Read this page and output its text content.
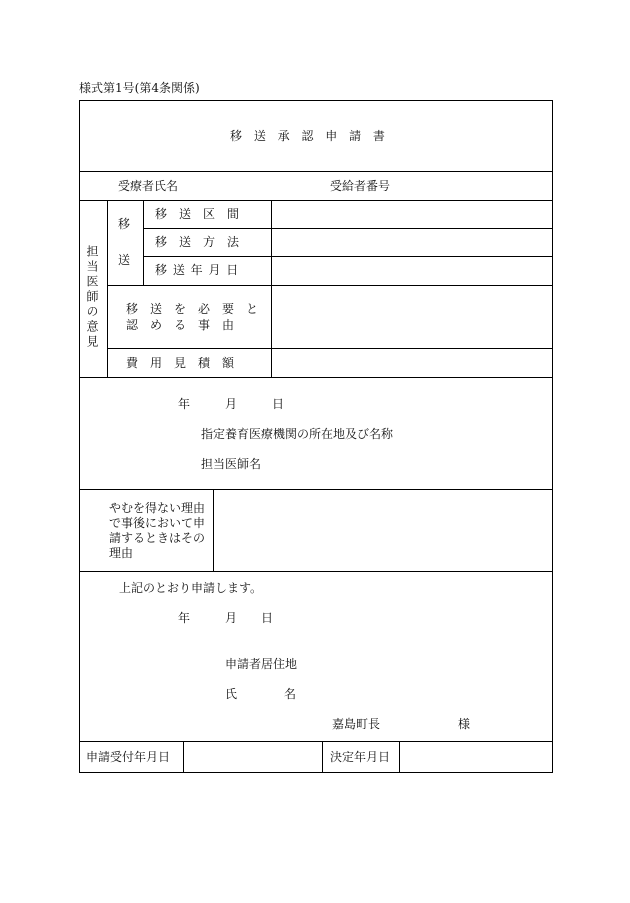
様式第1号(第4条関係)
移 送 承 認 申 請 書
受療者氏名	受給者番号
担当医師の意見
移
送
移　送　区　間
移　送　方　法
移 送 年 月 日
移　送　を　必　要　と
認　め　る　事　由
費　用　見　積　額
年	月	日
指定養育医療機関の所在地及び名称
担当医師名
やむを得ない理由
で事後において申
請するときはその
理由
上記のとおり申請します。
年	月 日
申請者居住地
氏	名
嘉島町長	様
申請受付年月日	決定年月日
